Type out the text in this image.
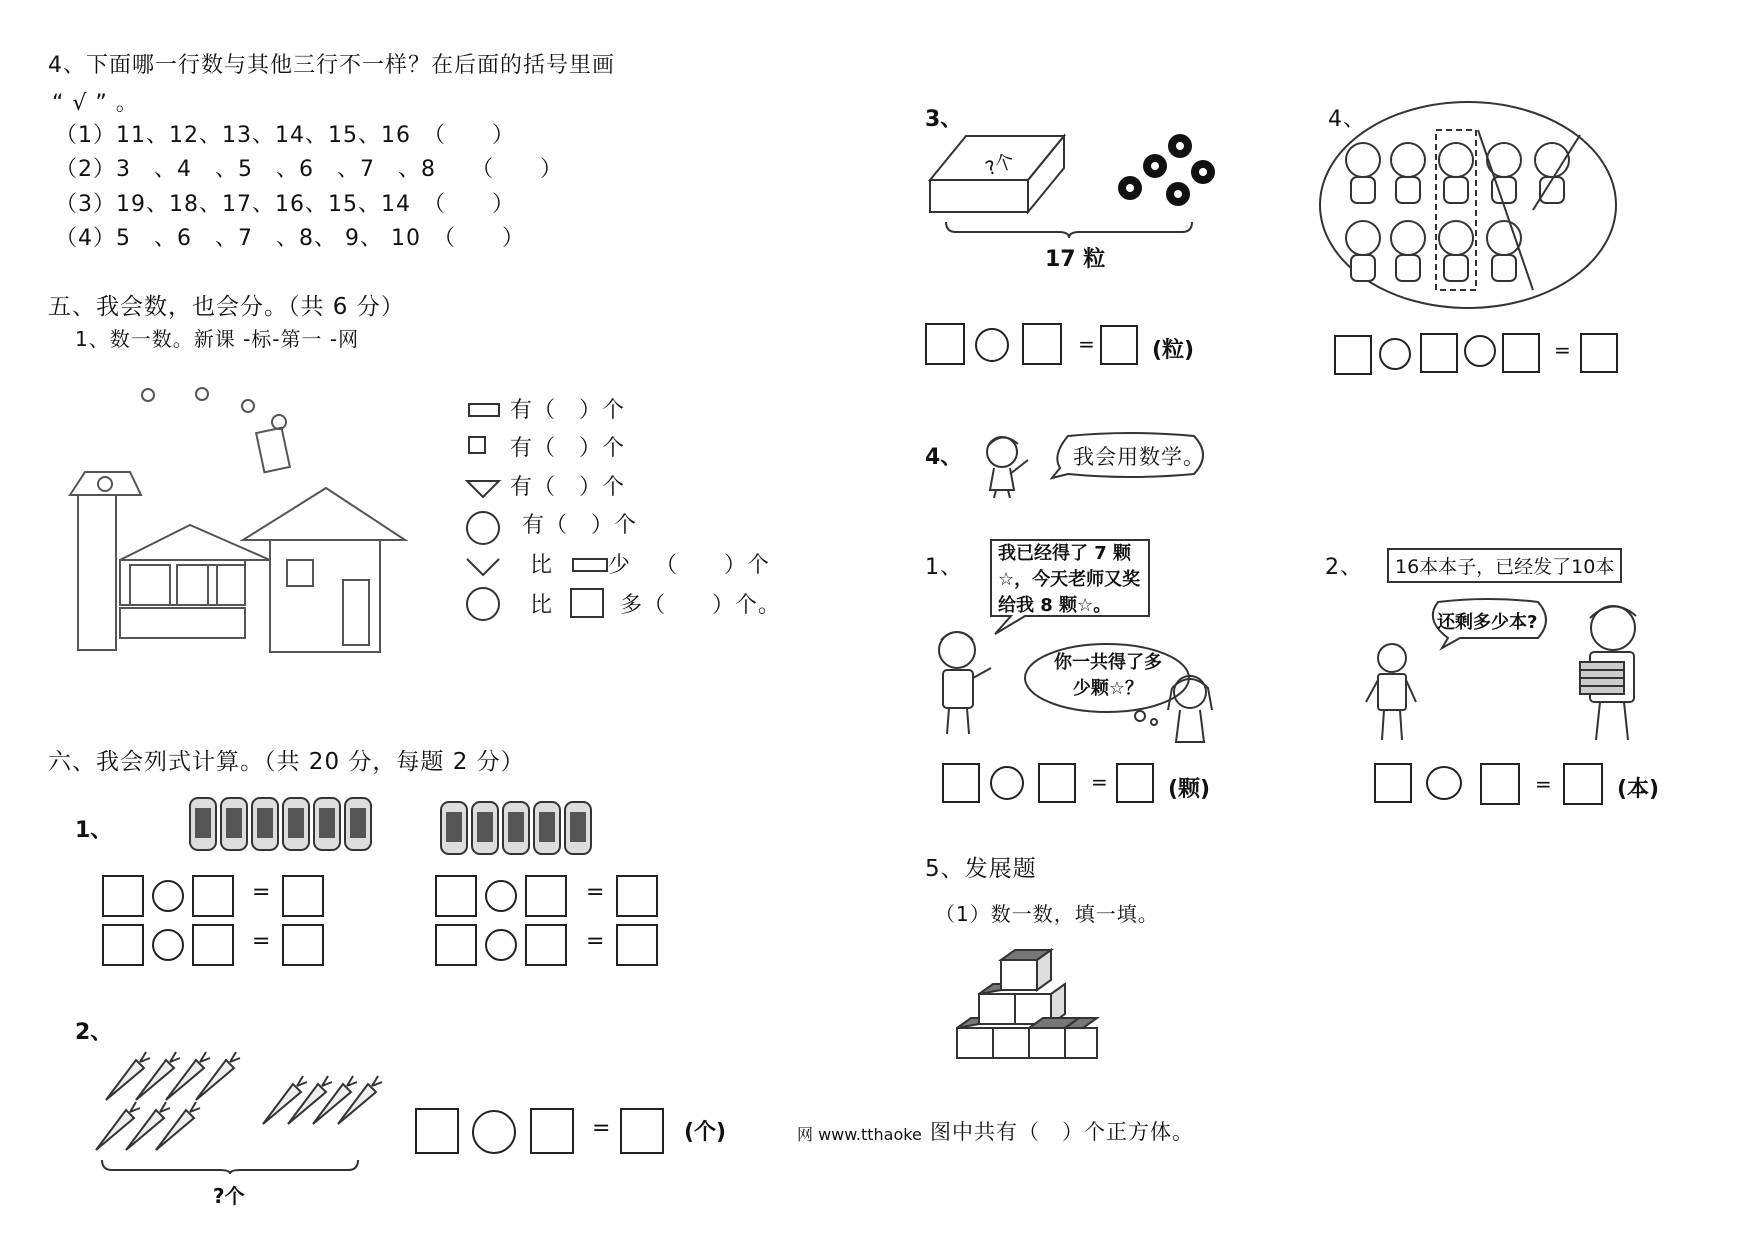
4、下面哪一行数与其他三行不一样？在后面的括号里画
“ √ ” 。
（1）11、12、13、14、15、16　（　　）
（2）3　、4　、5　、6　、7　、8　　（　　）
（3）19、18、17、16、15、14　（　　）
（4）5　、6　、7　、8、 9、 10　（　　）
五、我会数，也会分。（共 6 分）
1、数一数。新课 -标-第一 -网
有（　）个
有（　）个
有（　）个
有（　）个
比 少 （　　）个
比	多（　　）个。
六、我会列式计算。（共 20 分，每题 2 分）
1、
=
=
=
=
2、
?个
=	(个)
3、
?个
17 粒
=	(粒)
4、
=
4、	我会用数学。
1、
我已经得了 7 颗☆，今天老师又奖给我 8 颗☆。
你一共得了多少颗☆？
=	(颗)
2、	16本本子，已经发了10本
还剩多少本?
=	(本)
5、发展题
（1）数一数，填一填。
网 www.tthaoke 图中共有（　）个正方体。
